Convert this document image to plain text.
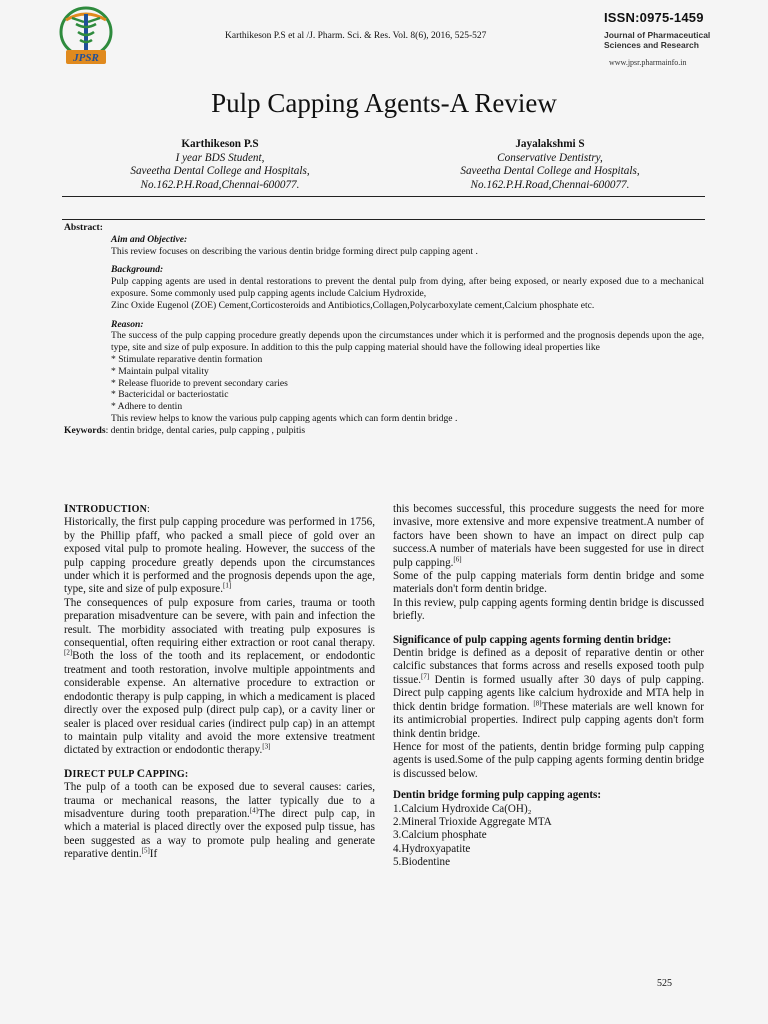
JPSR
Karthikeson P.S et al /J. Pharm. Sci. & Res. Vol. 8(6), 2016, 525-527
ISSN:0975-1459
Journal of Pharmaceutical
Sciences and Research
www.jpsr.pharmainfo.in
Pulp Capping Agents-A Review
Karthikeson P.S
I year BDS Student,
Saveetha Dental College and Hospitals,
No.162.P.H.Road,Chennai-600077.
Jayalakshmi S
Conservative Dentistry,
Saveetha Dental College and Hospitals,
No.162.P.H.Road,Chennai-600077.
Abstract:
Aim and Objective:
This review focuses on describing the various dentin bridge forming direct pulp capping agent .
Background:
Pulp capping agents are used in dental restorations to prevent the dental pulp from dying, after being exposed, or nearly exposed due to a mechanical exposure. Some commonly used pulp capping agents include Calcium Hydroxide,
Zinc Oxide Eugenol (ZOE) Cement,Corticosteroids and Antibiotics,Collagen,Polycarboxylate cement,Calcium phosphate etc.
Reason:
The success of the pulp capping procedure greatly depends upon the circumstances under which it is performed and the prognosis depends upon the age, type, site and size of pulp exposure. In addition to this the pulp capping material should have the following ideal properties like
* Stimulate reparative dentin formation
* Maintain pulpal vitality
* Release fluoride to prevent secondary caries
* Bactericidal or bacteriostatic
* Adhere to dentin
This review helps to know the various pulp capping agents which can form dentin bridge .
Keywords: dentin bridge, dental caries, pulp capping , pulpitis

INTRODUCTION:

Historically, the first pulp capping procedure was performed in 1756, by the Phillip pfaff, who packed a small piece of gold over an exposed vital pulp to promote healing. However, the success of the pulp capping procedure greatly depends upon the circumstances under which it is performed and the prognosis depends upon the age, type, site and size of pulp exposure.[1]

The consequences of pulp exposure from caries, trauma or tooth preparation misadventure can be severe, with pain and infection the result. The morbidity associated with treating pulp exposures is consequential, often requiring either extraction or root canal therapy.[2]Both the loss of the tooth and its replacement, or endodontic treatment and tooth restoration, involve multiple appointments and considerable expense. An alternative procedure to extraction or endodontic therapy is pulp capping, in which a medicament is placed directly over the exposed pulp (direct pulp cap), or a cavity liner or sealer is placed over residual caries (indirect pulp cap) in an attempt to maintain pulp vitality and avoid the more extensive treatment dictated by extraction or endodontic therapy.[3]

DIRECT PULP CAPPING:

The pulp of a tooth can be exposed due to several causes: caries, trauma or mechanical reasons, the latter typically due to a misadventure during tooth preparation.[4]The direct pulp cap, in which a material is placed directly over the exposed pulp tissue, has been suggested as a way to promote pulp healing and generate reparative dentin.[5]If

this becomes successful, this procedure suggests the need for more invasive, more extensive and more expensive treatment.A number of factors have been shown to have an impact on direct pulp cap success.A number of materials have been suggested for use in direct pulp capping.[6]

Some of the pulp capping materials form dentin bridge and some materials don't form dentin bridge.

In this review, pulp capping agents forming dentin bridge is discussed briefly.

Significance of pulp capping agents forming dentin bridge:

Dentin bridge is defined as a deposit of reparative dentin or other calcific substances that forms across and resells exposed tooth pulp tissue.[7] Dentin is formed usually after 30 days of pulp capping. Direct pulp capping agents like calcium hydroxide and MTA help in thick dentin bridge formation. [8]These materials are well known for its antimicrobial properties. Indirect pulp capping agents don't form think dentin bridge.

Hence for most of the patients, dentin bridge forming pulp capping agents is used.Some of the pulp capping agents forming dentin bridge is discussed below.

Dentin bridge forming pulp capping agents:

1.Calcium Hydroxide Ca(OH)₂
2.Mineral Trioxide Aggregate MTA
3.Calcium phosphate
4.Hydroxyapatite
5.Biodentine
525
